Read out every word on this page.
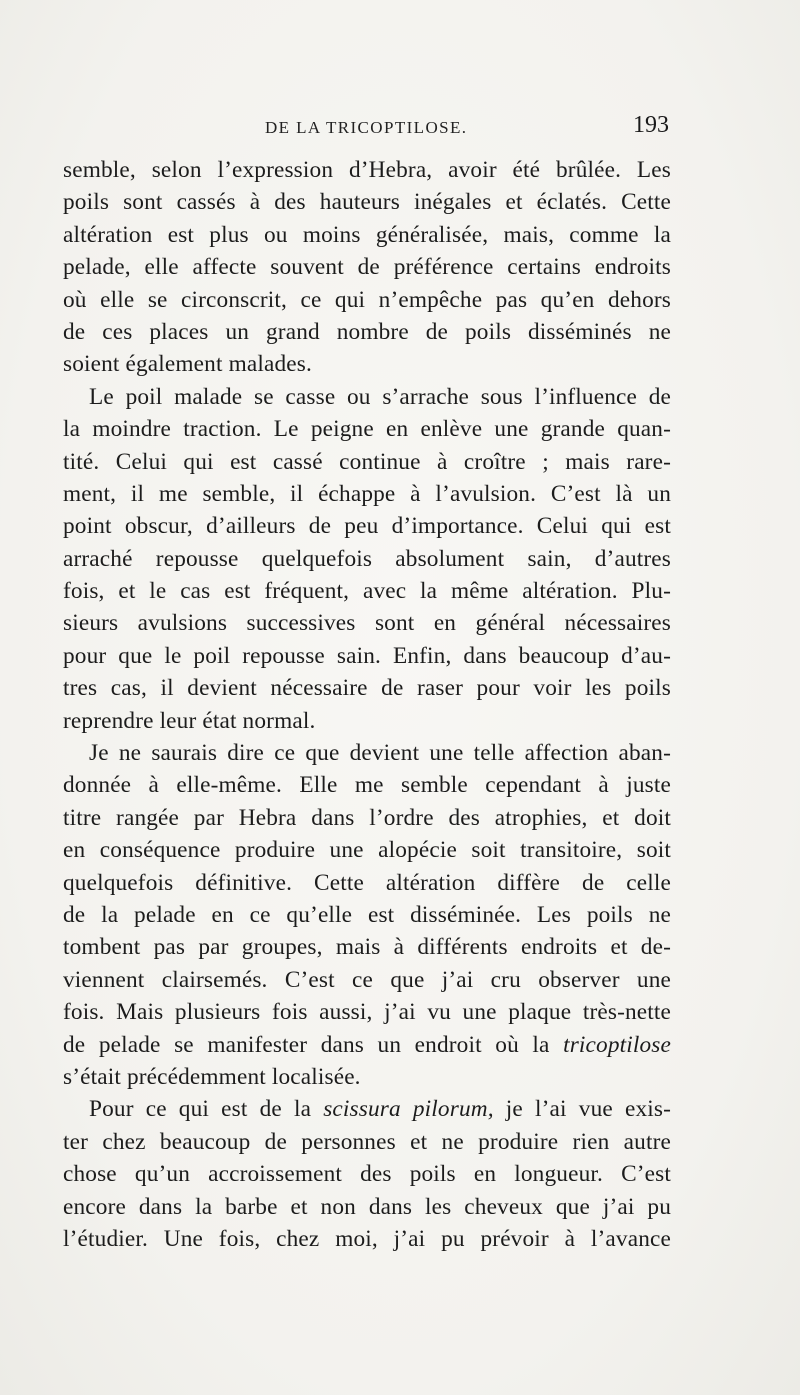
DE LA TRICOPTILOSE.	193
semble, selon l’expression d’Hebra, avoir été brûlée. Les
poils sont cassés à des hauteurs inégales et éclatés. Cette
altération est plus ou moins généralisée, mais, comme la
pelade, elle affecte souvent de préférence certains endroits
où elle se circonscrit, ce qui n’empêche pas qu’en dehors
de ces places un grand nombre de poils disséminés ne
soient également malades.
Le poil malade se casse ou s’arrache sous l’influence de
la moindre traction. Le peigne en enlève une grande quan-
tité. Celui qui est cassé continue à croître ; mais rare-
ment, il me semble, il échappe à l’avulsion. C’est là un
point obscur, d’ailleurs de peu d’importance. Celui qui est
arraché repousse quelquefois absolument sain, d’autres
fois, et le cas est fréquent, avec la même altération. Plu-
sieurs avulsions successives sont en général nécessaires
pour que le poil repousse sain. Enfin, dans beaucoup d’au-
tres cas, il devient nécessaire de raser pour voir les poils
reprendre leur état normal.
Je ne saurais dire ce que devient une telle affection aban-
donnée à elle-même. Elle me semble cependant à juste
titre rangée par Hebra dans l’ordre des atrophies, et doit
en conséquence produire une alopécie soit transitoire, soit
quelquefois définitive. Cette altération diffère de celle
de la pelade en ce qu’elle est disséminée. Les poils ne
tombent pas par groupes, mais à différents endroits et de-
viennent clairsemés. C’est ce que j’ai cru observer une
fois. Mais plusieurs fois aussi, j’ai vu une plaque très-nette
de pelade se manifester dans un endroit où la tricoptilose
s’était précédemment localisée.
Pour ce qui est de la scissura pilorum, je l’ai vue exis-
ter chez beaucoup de personnes et ne produire rien autre
chose qu’un accroissement des poils en longueur. C’est
encore dans la barbe et non dans les cheveux que j’ai pu
l’étudier. Une fois, chez moi, j’ai pu prévoir à l’avance
